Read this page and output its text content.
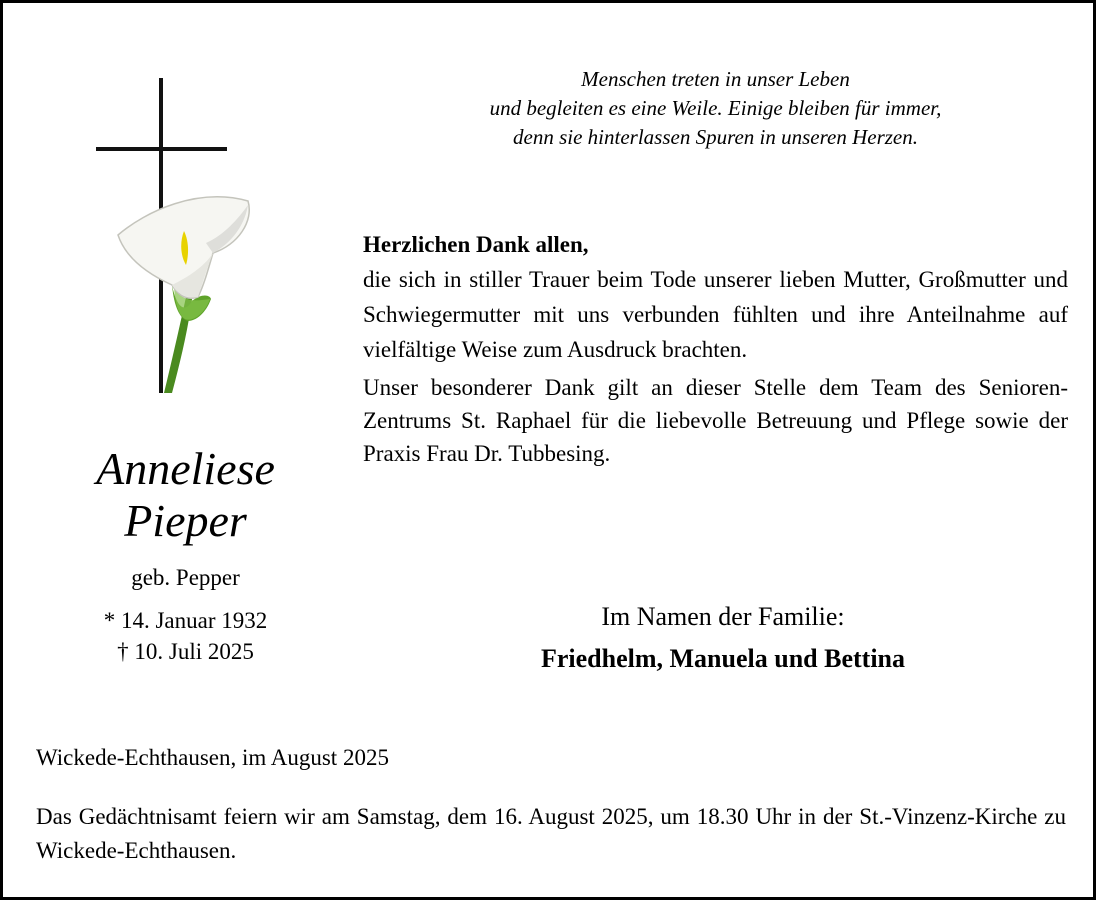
Menschen treten in unser Leben
und begleiten es eine Weile. Einige bleiben für immer,
denn sie hinterlassen Spuren in unseren Herzen.
Herzlichen Dank allen,
die sich in stiller Trauer beim Tode unserer lieben Mutter, Großmutter und Schwiegermutter mit uns verbunden fühlten und ihre Anteilnahme auf vielfältige Weise zum Ausdruck brachten.
Unser besonderer Dank gilt an dieser Stelle dem Team des Senioren-Zentrums St. Raphael für die liebevolle Betreuung und Pflege sowie der Praxis Frau Dr. Tubbesing.
Anneliese
Pieper
geb. Pepper
* 14. Januar 1932
† 10. Juli 2025
Im Namen der Familie:
Friedhelm, Manuela und Bettina
Wickede-Echthausen, im August 2025
Das Gedächtnisamt feiern wir am Samstag, dem 16. August 2025, um 18.30 Uhr in der St.-Vinzenz-Kirche zu Wickede-Echthausen.
